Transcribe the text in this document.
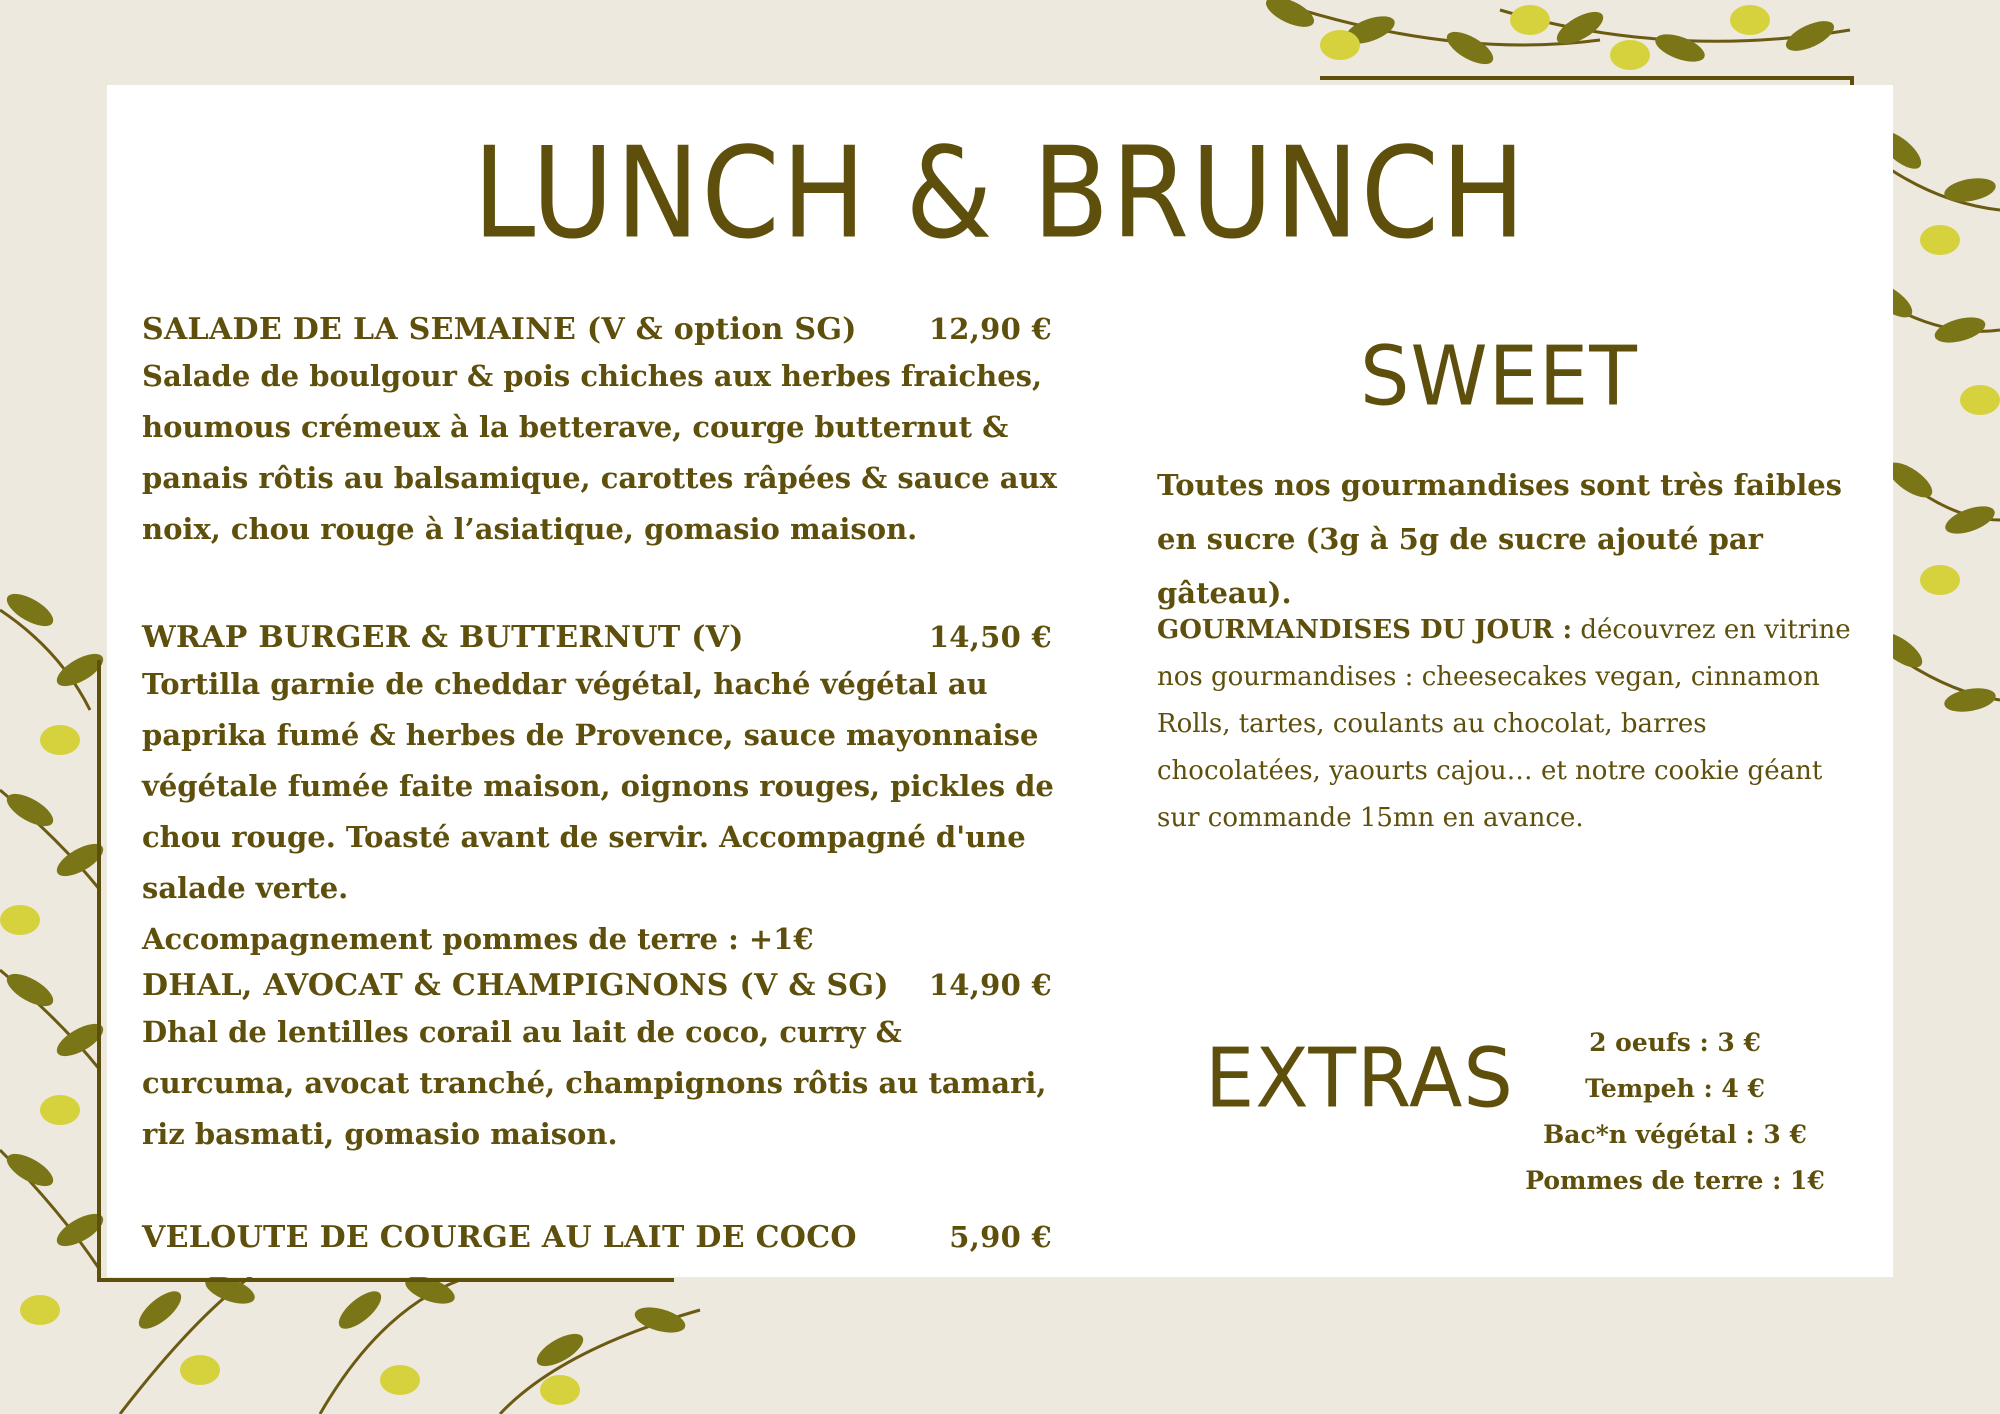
LUNCH & BRUNCH
SALADE DE LA SEMAINE (V & option SG) 12,90 €
Salade de boulgour & pois chiches aux herbes fraiches, houmous crémeux à la betterave, courge butternut & panais rôtis au balsamique, carottes râpées & sauce aux noix, chou rouge à l’asiatique, gomasio maison.
WRAP BURGER & BUTTERNUT (V)	14,50 €
Tortilla garnie de cheddar végétal, haché végétal au paprika fumé & herbes de Provence, sauce mayonnaise végétale fumée faite maison, oignons rouges, pickles de chou rouge. Toasté avant de servir. Accompagné d'une salade verte.
Accompagnement pommes de terre : +1€
DHAL, AVOCAT & CHAMPIGNONS (V & SG) 14,90 €
Dhal de lentilles corail au lait de coco, curry & curcuma, avocat tranché, champignons rôtis au tamari, riz basmati, gomasio maison.
VELOUTE DE COURGE AU LAIT DE COCO	5,90 €
SWEET
Toutes nos gourmandises sont très faibles en sucre (3g à 5g de sucre ajouté par gâteau).
GOURMANDISES DU JOUR : découvrez en vitrine nos gourmandises : cheesecakes vegan, cinnamon Rolls, tartes, coulants au chocolat, barres chocolatées, yaourts cajou… et notre cookie géant sur commande 15mn en avance.
EXTRAS	2 oeufs : 3 €
Tempeh : 4 €
Bac*n végétal : 3 €
Pommes de terre : 1€
